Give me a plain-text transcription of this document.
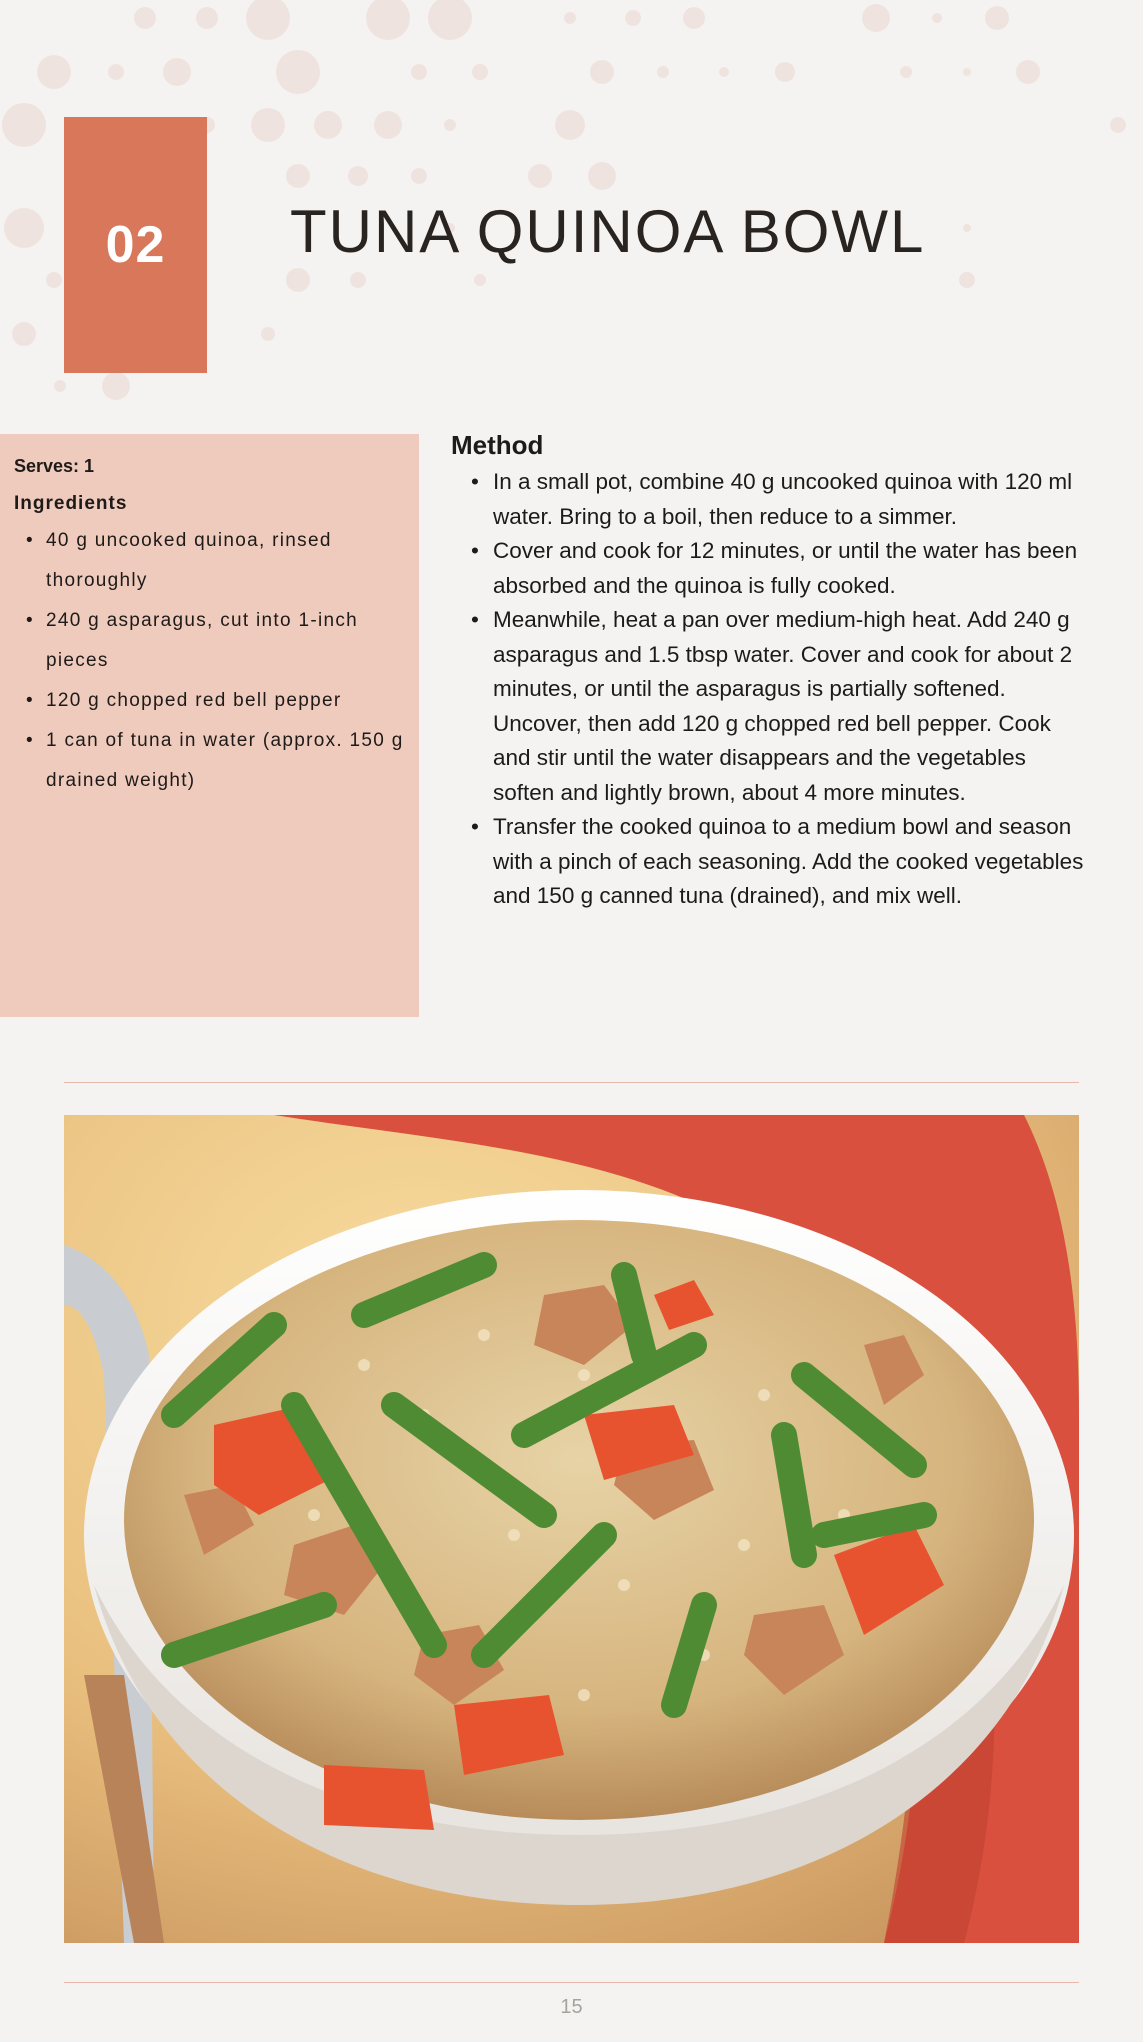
02 TUNA QUINOA BOWL

Serves: 1

Ingredients

• 40 g uncooked quinoa, rinsed thoroughly
• 240 g asparagus, cut into 1-inch pieces
• 120 g chopped red bell pepper
• 1 can of tuna in water (approx. 150 g drained weight)
Method
• In a small pot, combine 40 g uncooked quinoa with 120 ml water. Bring to a boil, then reduce to a simmer.
• Cover and cook for 12 minutes, or until the water has been absorbed and the quinoa is fully cooked.
• Meanwhile, heat a pan over medium-high heat. Add 240 g asparagus and 1.5 tbsp water. Cover and cook for about 2 minutes, or until the asparagus is partially softened. Uncover, then add 120 g chopped red bell pepper. Cook and stir until the water disappears and the vegetables soften and lightly brown, about 4 more minutes.
• Transfer the cooked quinoa to a medium bowl and season with a pinch of each seasoning. Add the cooked vegetables and 150 g canned tuna (drained), and mix well.
15
